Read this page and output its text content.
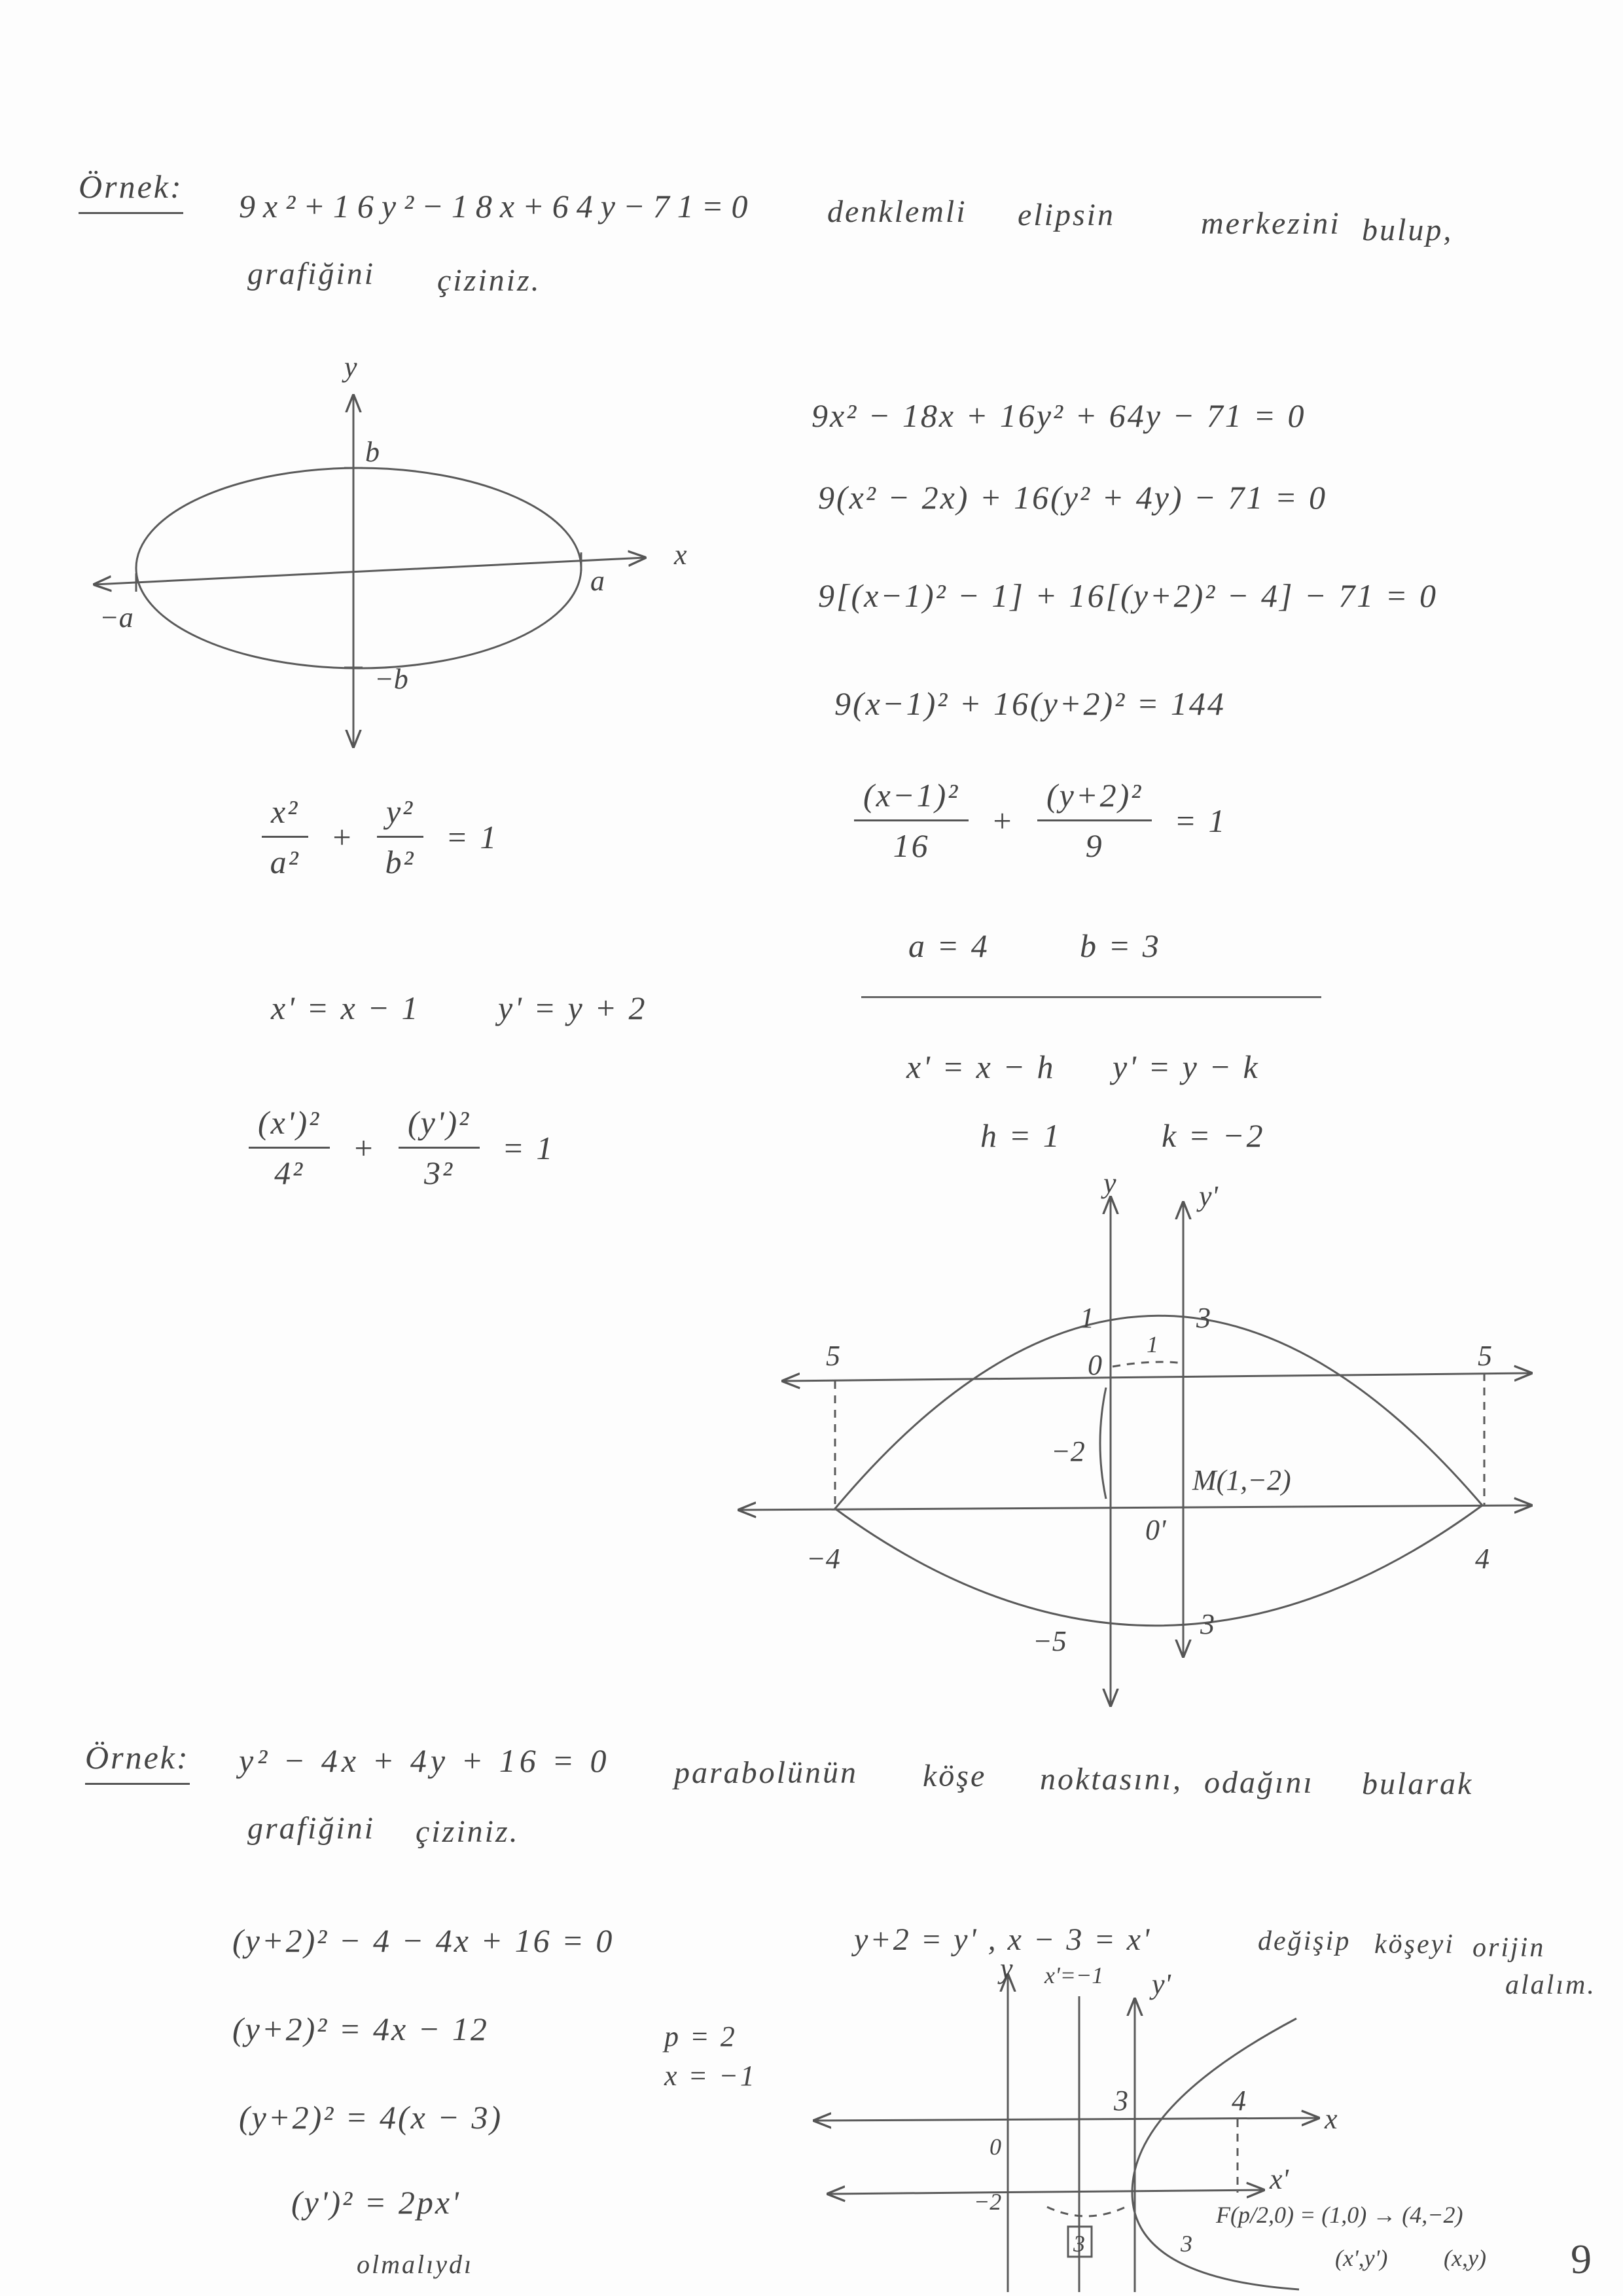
y
x
b
−b
a
−a
y	y'
1	3
5	5
0
1
−2
M(1,−2)
0'
−4	4
−5
3
y x'=−1 y'
x
x'
3	4
0
−2
3	3
F(p/2,0) = (1,0) → (4,−2)
(x',y') (x,y)
Örnek:
9x²+16y²−18x+64y−71=0 denklemli elipsin	merkezini bulup,
grafiğini çiziniz.
$\frac{\text{x²}}{\text{a²}} + \frac{\text{y²}}{\text{b²}} = 1$
x' = x − 1 y' = y + 2
$\frac{\text{(x')²}}{\text{4²}} + \frac{\text{(y')²}}{\text{3²}} = 1$
9x² − 18x + 16y² + 64y − 71 = 0
9(x² − 2x) + 16(y² + 4y) − 71 = 0
9[(x−1)² − 1] + 16[(y+2)² − 4] − 71 = 0
9(x−1)² + 16(y+2)² = 144
$\frac{\text{(x−1)²}}{16} + \frac{\text{(y+2)²}}{9} = 1$
a = 4	b = 3
x' = x − h y' = y − k
h = 1	k = −2
Örnek: y² − 4x + 4y + 16 = 0 parabolünün köşe noktasını, odağını bularak
grafiğini çiziniz.
(y+2)² − 4 − 4x + 16 = 0
(y+2)² = 4x − 12
(y+2)² = 4(x − 3)
(y')² = 2px'
olmalıydı
p = 2
x = −1
y+2 = y' , x − 3 = x'	değişip köşeyi orijin
alalım.
9
